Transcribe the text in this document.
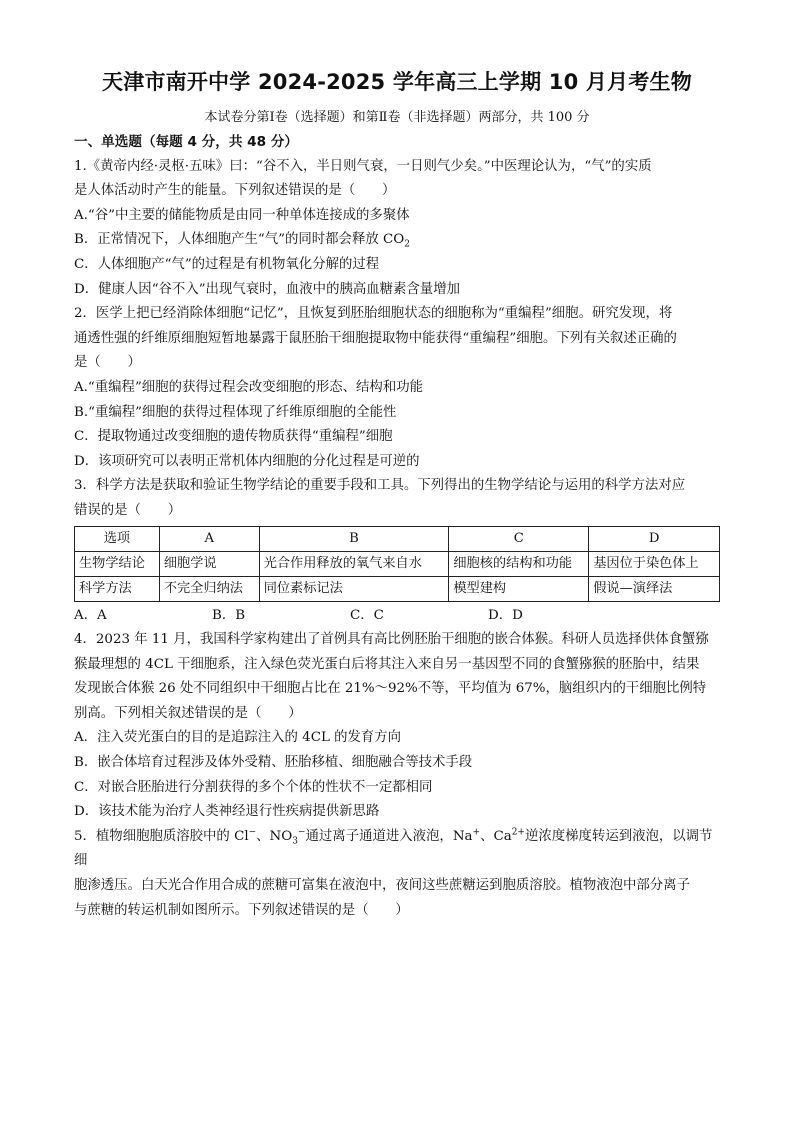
天津市南开中学 2024-2025 学年高三上学期 10 月月考生物
本试卷分第Ⅰ卷（选择题）和第Ⅱ卷（非选择题）两部分，共 100 分

一、单选题（每题 4 分，共 48 分）

1.《黄帝内经·灵枢·五味》曰：“谷不入，半日则气衰，一日则气少矣。”中医理论认为，“气”的实质

是人体活动时产生的能量。下列叙述错误的是（　　）

A.“谷”中主要的储能物质是由同一种单体连接成的多聚体

B．正常情况下，人体细胞产生“气”的同时都会释放 $CO_2$

C．人体细胞产“气”的过程是有机物氧化分解的过程

D．健康人因“谷不入”出现气衰时，血液中的胰高血糖素含量增加

2．医学上把已经消除体细胞“记忆”，且恢复到胚胎细胞状态的细胞称为“重编程”细胞。研究发现，将

通透性强的纤维原细胞短暂地暴露于鼠胚胎干细胞提取物中能获得“重编程”细胞。下列有关叙述正确的

是（　　）

A.“重编程”细胞的获得过程会改变细胞的形态、结构和功能

B.“重编程”细胞的获得过程体现了纤维原细胞的全能性

C．提取物通过改变细胞的遗传物质获得“重编程”细胞

D．该项研究可以表明正常机体内细胞的分化过程是可逆的

3．科学方法是获取和验证生物学结论的重要手段和工具。下列得出的生物学结论与运用的科学方法对应

错误的是（　　）

选项	A	B	C	D
生物学结论	细胞学说	光合作用释放的氧气来自水	细胞核的结构和功能	基因位于染色体上
科学方法	不完全归纳法	同位素标记法	模型建构	假说—演绎法

A．A	B．B	C．C	D．D

4．2023 年 11 月，我国科学家构建出了首例具有高比例胚胎干细胞的嵌合体猴。科研人员选择供体食蟹猕

猴最理想的 4CL 干细胞系，注入绿色荧光蛋白后将其注入来自另一基因型不同的食蟹猕猴的胚胎中，结果

发现嵌合体猴 26 处不同组织中干细胞占比在 21%～92%不等，平均值为 67%，脑组织内的干细胞比例特

别高。下列相关叙述错误的是（　　）

A．注入荧光蛋白的目的是追踪注入的 4CL 的发育方向

B．嵌合体培育过程涉及体外受精、胚胎移植、细胞融合等技术手段

C．对嵌合胚胎进行分割获得的多个个体的性状不一定都相同

D．该技术能为治疗人类神经退行性疾病提供新思路

5．植物细胞胞质溶胶中的 Cl−、$NO_3^-$通过离子通道进入液泡，Na+、$Ca^{2+}$逆浓度梯度转运到液泡，以调节细

胞渗透压。白天光合作用合成的蔗糖可富集在液泡中，夜间这些蔗糖运到胞质溶胶。植物液泡中部分离子

与蔗糖的转运机制如图所示。下列叙述错误的是（　　）
